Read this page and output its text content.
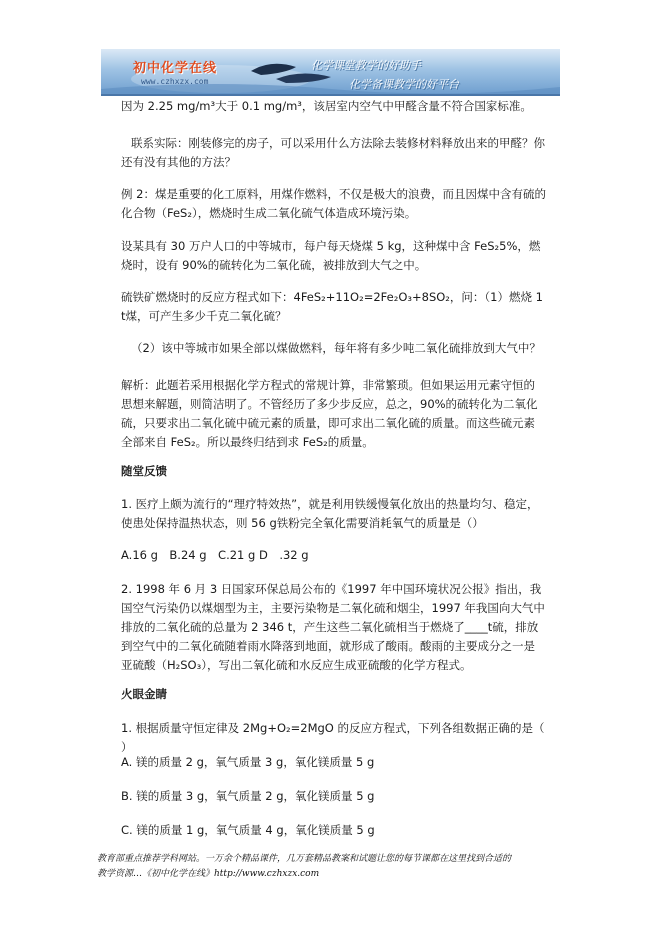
初中化学在线
www.czhxzx.com
化学课堂教学的好助手
化学备课教学的好平台
因为 2.25 mg/m³大于 0.1 mg/m³，该居室内空气中甲醛含量不符合国家标准。
联系实际：刚装修完的房子，可以采用什么方法除去装修材料释放出来的甲醛？你还有没有其他的方法？
例 2：煤是重要的化工原料，用煤作燃料，不仅是极大的浪费，而且因煤中含有硫的化合物（FeS₂），燃烧时生成二氧化硫气体造成环境污染。
设某具有 30 万户人口的中等城市，每户每天烧煤 5 kg，这种煤中含 FeS₂5%，燃烧时，设有 90%的硫转化为二氧化硫，被排放到大气之中。
硫铁矿燃烧时的反应方程式如下：4FeS₂+11O₂=2Fe₂O₃+8SO₂，问：（1）燃烧 1 t煤，可产生多少千克二氧化硫？
（2）该中等城市如果全部以煤做燃料，每年将有多少吨二氧化硫排放到大气中？
解析：此题若采用根据化学方程式的常规计算，非常繁琐。但如果运用元素守恒的思想来解题，则简洁明了。不管经历了多少步反应，总之，90%的硫转化为二氧化硫，只要求出二氧化硫中硫元素的质量，即可求出二氧化硫的质量。而这些硫元素全部来自 FeS₂。所以最终归结到求 FeS₂的质量。
随堂反馈
1. 医疗上颇为流行的“理疗特效热”，就是利用铁缓慢氧化放出的热量均匀、稳定，使患处保持温热状态，则 56 g铁粉完全氧化需要消耗氧气的质量是（）
A.16 g　B.24 g　C.21 g D　.32 g
2. 1998 年 6 月 3 日国家环保总局公布的《1997 年中国环境状况公报》指出，我国空气污染仍以煤烟型为主，主要污染物是二氧化硫和烟尘，1997 年我国向大气中排放的二氧化硫的总量为 2 346 t，产生这些二氧化硫相当于燃烧了____t硫，排放到空气中的二氧化硫随着雨水降落到地面，就形成了酸雨。酸雨的主要成分之一是亚硫酸（H₂SO₃），写出二氧化硫和水反应生成亚硫酸的化学方程式。
火眼金睛
1. 根据质量守恒定律及 2Mg+O₂=2MgO 的反应方程式，下列各组数据正确的是（ ）
A. 镁的质量 2 g，氧气质量 3 g，氧化镁质量 5 g
B. 镁的质量 3 g，氧气质量 2 g，氧化镁质量 5 g
C. 镁的质量 1 g，氧气质量 4 g，氧化镁质量 5 g
教育部重点推荐学科网站。一万余个精品课件，几万套精品教案和试题让您的每节课都在这里找到合适的
教学资源…《初中化学在线》http://www.czhxzx.com
